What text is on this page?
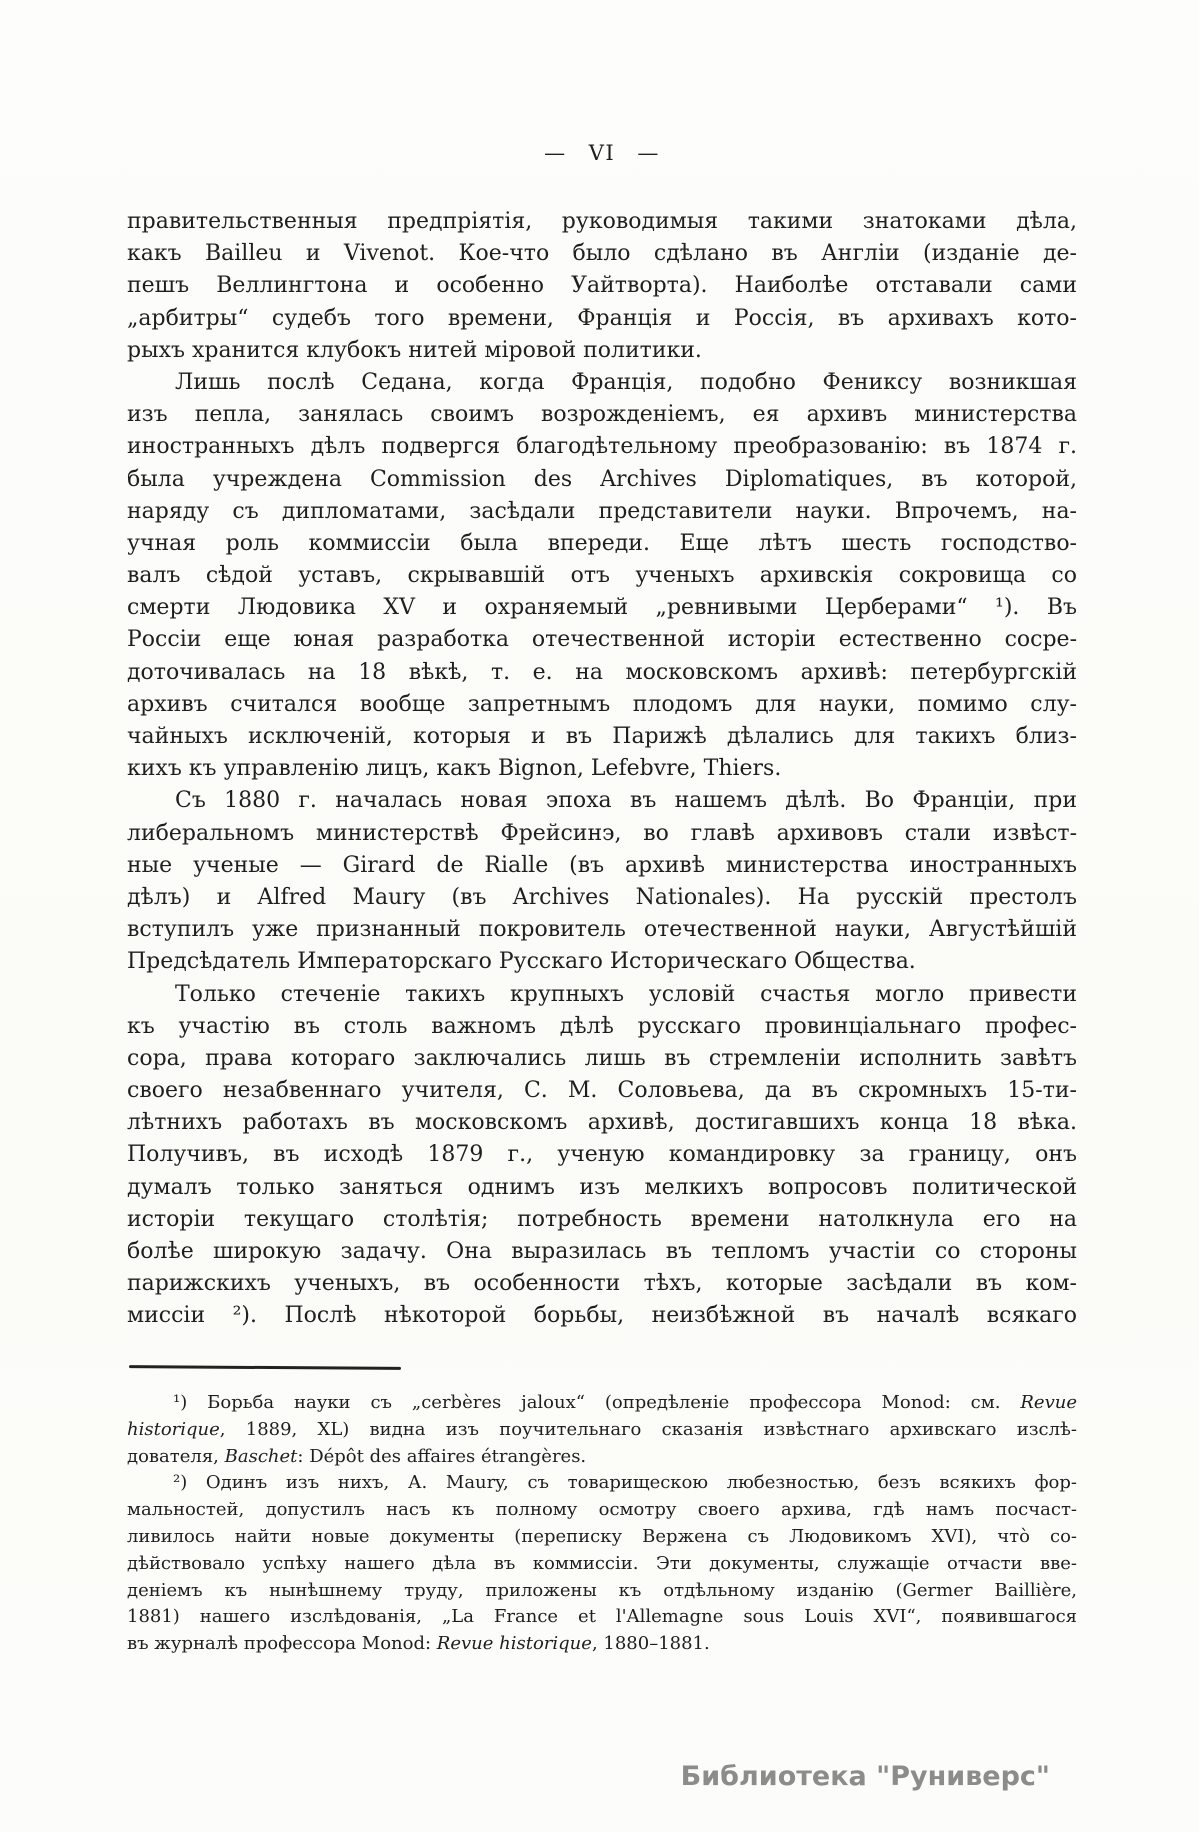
— VI —
правительственныя предпріятія, руководимыя такими знатоками дѣла,
какъ Bailleu и Vivenot. Кое-что было сдѣлано въ Англіи (изданіе де-
пешъ Веллингтона и особенно Уайтворта). Наиболѣе отставали сами
„арбитры“ судебъ того времени, Франція и Россія, въ архивахъ кото-
рыхъ хранится клубокъ нитей міровой политики.
Лишь послѣ Седана, когда Франція, подобно Фениксу возникшая
изъ пепла, занялась своимъ возрожденіемъ, ея архивъ министерства
иностранныхъ дѣлъ подвергся благодѣтельному преобразованію: въ 1874 г.
была учреждена Commission des Archives Diplomatiques, въ которой,
наряду съ дипломатами, засѣдали представители науки. Впрочемъ, на-
учная роль коммиссіи была впереди. Еще лѣтъ шесть господство-
валъ сѣдой уставъ, скрывавшій отъ ученыхъ архивскія сокровища со
смерти Людовика XV и охраняемый „ревнивыми Церберами“ ¹). Въ
Россіи еще юная разработка отечественной исторіи естественно сосре-
доточивалась на 18 вѣкѣ, т. е. на московскомъ архивѣ: петербургскій
архивъ считался вообще запретнымъ плодомъ для науки, помимо слу-
чайныхъ исключеній, которыя и въ Парижѣ дѣлались для такихъ близ-
кихъ къ управленію лицъ, какъ Bignon, Lefebvre, Thiers.
Съ 1880 г. началась новая эпоха въ нашемъ дѣлѣ. Во Франціи, при
либеральномъ министерствѣ Фрейсинэ, во главѣ архивовъ стали извѣст-
ные ученые — Girard de Rialle (въ архивѣ министерства иностранныхъ
дѣлъ) и Alfred Maury (въ Archives Nationales). На русскій престолъ
вступилъ уже признанный покровитель отечественной науки, Августѣйшій
Предсѣдатель Императорскаго Русскаго Историческаго Общества.
Только стеченіе такихъ крупныхъ условій счастья могло привести
къ участію въ столь важномъ дѣлѣ русскаго провинціальнаго профес-
сора, права котораго заключались лишь въ стремленіи исполнить завѣтъ
своего незабвеннаго учителя, С. М. Соловьева, да въ скромныхъ 15-ти-
лѣтнихъ работахъ въ московскомъ архивѣ, достигавшихъ конца 18 вѣка.
Получивъ, въ исходѣ 1879 г., ученую командировку за границу, онъ
думалъ только заняться однимъ изъ мелкихъ вопросовъ политической
исторіи текущаго столѣтія; потребность времени натолкнула его на
болѣе широкую задачу. Она выразилась въ тепломъ участіи со стороны
парижскихъ ученыхъ, въ особенности тѣхъ, которые засѣдали въ ком-
миссіи ²). Послѣ нѣкоторой борьбы, неизбѣжной въ началѣ всякаго
¹) Борьба науки съ „cerbères jaloux“ (опредѣленіе профессора Monod: см. Revue
historique, 1889, XL) видна изъ поучительнаго сказанія извѣстнаго архивскаго изслѣ-
дователя, Baschet: Dépôt des affaires étrangères.
²) Одинъ изъ нихъ, А. Maury, съ товарищескою любезностью, безъ всякихъ фор-
мальностей, допустилъ насъ къ полному осмотру своего архива, гдѣ намъ посчаст-
ливилось найти новые документы (переписку Вержена съ Людовикомъ XVI), что̀ со-
дѣйствовало успѣху нашего дѣла въ коммиссіи. Эти документы, служащіе отчасти вве-
деніемъ къ нынѣшнему труду, приложены къ отдѣльному изданію (Germer Baillière,
1881) нашего изслѣдованія, „La France et l'Allemagne sous Louis XVI“, появившагося
въ журналѣ профессора Monod: Revue historique, 1880–1881.
Библиотека "Руниверс"
